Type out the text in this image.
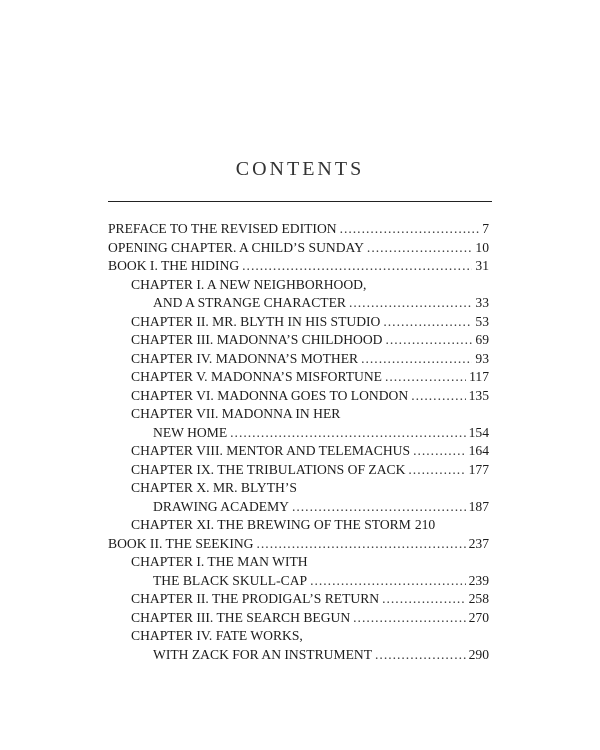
CONTENTS
PREFACE TO THE REVISED EDITION .....	7
OPENING CHAPTER. A CHILD’S SUNDAY .....	10
BOOK I. THE HIDING .....	31
CHAPTER I. A NEW NEIGHBORHOOD,
AND A STRANGE CHARACTER .....	33
CHAPTER II. MR. BLYTH IN HIS STUDIO .....	53
CHAPTER III. MADONNA’S CHILDHOOD .....	69
CHAPTER IV. MADONNA’S MOTHER .....	93
CHAPTER V. MADONNA’S MISFORTUNE .....	117
CHAPTER VI. MADONNA GOES TO LONDON .....	135
CHAPTER VII. MADONNA IN HER
NEW HOME .....	154
CHAPTER VIII. MENTOR AND TELEMACHUS .....	164
CHAPTER IX. THE TRIBULATIONS OF ZACK .....	177
CHAPTER X. MR. BLYTH’S
DRAWING ACADEMY .....	187
CHAPTER XI. THE BREWING OF THE STORM 210
BOOK II. THE SEEKING .....	237
CHAPTER I. THE MAN WITH
THE BLACK SKULL-CAP .....	239
CHAPTER II. THE PRODIGAL’S RETURN .....	258
CHAPTER III. THE SEARCH BEGUN .....	270
CHAPTER IV. FATE WORKS,
WITH ZACK FOR AN INSTRUMENT .....	290
